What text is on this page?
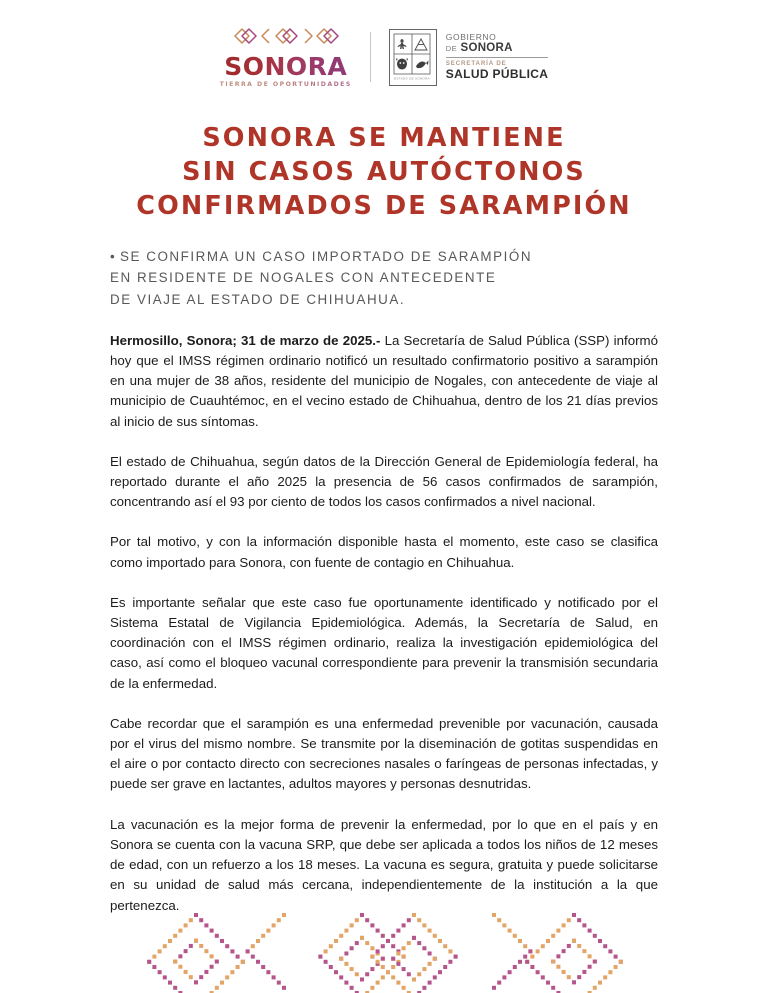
SONORA
TIERRA DE OPORTUNIDADES
ESTADO DE SONORA
GOBIERNO
DE SONORA
SECRETARÍA DE
SALUD PÚBLICA
SONORA SE MANTIENE
SIN CASOS AUTÓCTONOS
CONFIRMADOS DE SARAMPIÓN
• SE CONFIRMA UN CASO IMPORTADO DE SARAMPIÓN
EN RESIDENTE DE NOGALES CON ANTECEDENTE
DE VIAJE AL ESTADO DE CHIHUAHUA.

Hermosillo, Sonora; 31 de marzo de 2025.- La Secretaría de Salud Pública (SSP) informó hoy que el IMSS régimen ordinario notificó un resultado confirmatorio positivo a sarampión en una mujer de 38 años, residente del municipio de Nogales, con antecedente de viaje al municipio de Cuauhtémoc, en el vecino estado de Chihuahua, dentro de los 21 días previos al inicio de sus síntomas.

El estado de Chihuahua, según datos de la Dirección General de Epidemiología federal, ha reportado durante el año 2025 la presencia de 56 casos confirmados de sarampión, concentrando así el 93 por ciento de todos los casos confirmados a nivel nacional.

Por tal motivo, y con la información disponible hasta el momento, este caso se clasifica como importado para Sonora, con fuente de contagio en Chihuahua.

Es importante señalar que este caso fue oportunamente identificado y notificado por el Sistema Estatal de Vigilancia Epidemiológica. Además, la Secretaría de Salud, en coordinación con el IMSS régimen ordinario, realiza la investigación epidemiológica del caso, así como el bloqueo vacunal correspondiente para prevenir la transmisión secundaria de la enfermedad.

Cabe recordar que el sarampión es una enfermedad prevenible por vacunación, causada por el virus del mismo nombre. Se transmite por la diseminación de gotitas suspendidas en el aire o por contacto directo con secreciones nasales o faríngeas de personas infectadas, y puede ser grave en lactantes, adultos mayores y personas desnutridas.

La vacunación es la mejor forma de prevenir la enfermedad, por lo que en el país y en Sonora se cuenta con la vacuna SRP, que debe ser aplicada a todos los niños de 12 meses de edad, con un refuerzo a los 18 meses. La vacuna es segura, gratuita y puede solicitarse en su unidad de salud más cercana, independientemente de la institución a la que pertenezca.
